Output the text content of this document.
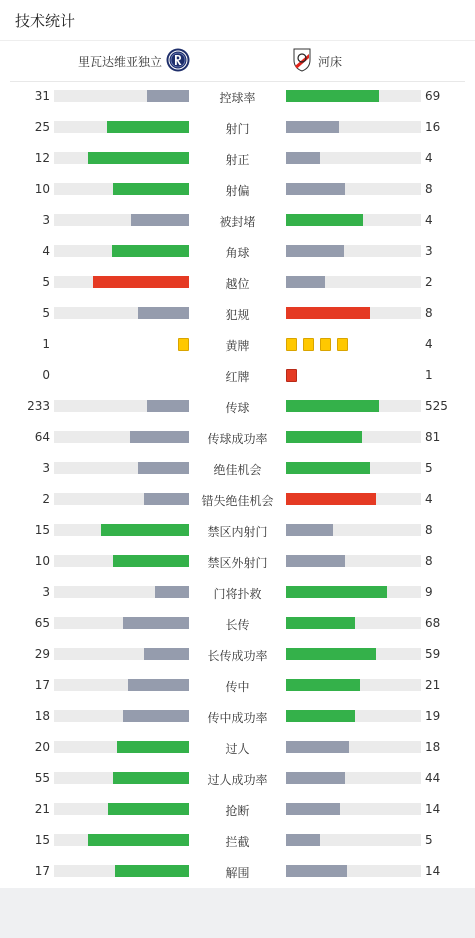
技术统计
里瓦达维亚独立	河床
31	控球率	69
25	射门	16
12	射正	4
10	射偏	8
3	被封堵	4
4	角球	3
5	越位	2
5	犯规	8
1	黄牌	4
0	红牌	1
233	传球	525
64	传球成功率	81
3	绝佳机会	5
2	错失绝佳机会	4
15	禁区内射门	8
10	禁区外射门	8
3	门将扑救	9
65	长传	68
29	长传成功率	59
17	传中	21
18	传中成功率	19
20	过人	18
55	过人成功率	44
21	抢断	14
15	拦截	5
17	解围	14
